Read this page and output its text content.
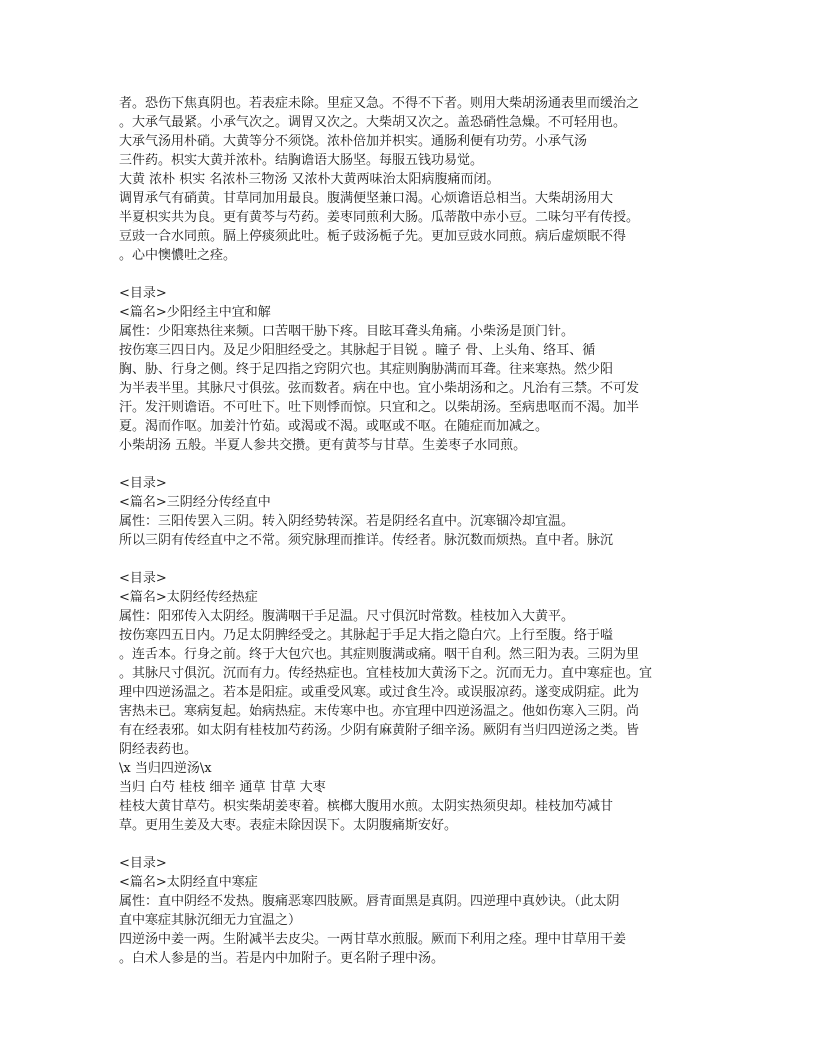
者。恐伤下焦真阴也。若表症未除。里症又急。不得不下者。则用大柴胡汤通表里而缓治之
。大承气最紧。小承气次之。调胃又次之。大柴胡又次之。盖恐硝性急燥。不可轻用也。
大承气汤用朴硝。大黄等分不须饶。浓朴倍加并枳实。通肠利便有功劳。小承气汤
三件药。枳实大黄并浓朴。结胸谵语大肠坚。每服五钱功易觉。
大黄 浓朴 枳实 名浓朴三物汤 又浓朴大黄两味治太阳病腹痛而闭。
调胃承气有硝黄。甘草同加用最良。腹满便坚兼口渴。心烦谵语总相当。大柴胡汤用大
半夏枳实共为良。更有黄芩与芍药。姜枣同煎利大肠。瓜蒂散中赤小豆。二味匀平有传授。
豆豉一合水同煎。膈上停痰须此吐。栀子豉汤栀子先。更加豆豉水同煎。病后虚烦眠不得
。心中懊憹吐之痊。
<目录>
<篇名>少阳经主中宜和解
属性：少阳寒热往来频。口苦咽干胁下疼。目眩耳聋头角痛。小柴汤是顶门针。
按伤寒三四日内。及足少阳胆经受之。其脉起于目锐 。瞳子 骨、上头角、络耳、循
胸、胁、行身之侧。终于足四指之窍阴穴也。其症则胸胁满而耳聋。往来寒热。然少阳
为半表半里。其脉尺寸俱弦。弦而数者。病在中也。宜小柴胡汤和之。凡治有三禁。不可发
汗。发汗则谵语。不可吐下。吐下则悸而惊。只宜和之。以柴胡汤。至病患呕而不渴。加半
夏。渴而作呕。加姜汁竹茹。或渴或不渴。或呕或不呕。在随症而加减之。
小柴胡汤 五般。半夏人参共交攒。更有黄芩与甘草。生姜枣子水同煎。
<目录>
<篇名>三阴经分传经直中
属性：三阳传罢入三阴。转入阴经势转深。若是阴经名直中。沉寒锢冷却宜温。
所以三阴有传经直中之不常。须究脉理而推详。传经者。脉沉数而烦热。直中者。脉沉
<目录>
<篇名>太阴经传经热症
属性：阳邪传入太阴经。腹满咽干手足温。尺寸俱沉时常数。桂枝加入大黄平。
按伤寒四五日内。乃足太阴脾经受之。其脉起于手足大指之隐白穴。上行至腹。络于嗌
。连舌本。行身之前。终于大包穴也。其症则腹满或痛。咽干自利。然三阳为表。三阴为里
。其脉尺寸俱沉。沉而有力。传经热症也。宜桂枝加大黄汤下之。沉而无力。直中寒症也。宜
理中四逆汤温之。若本是阳症。或重受风寒。或过食生冷。或误服凉药。遂变成阴症。此为
害热未已。寒病复起。始病热症。末传寒中也。亦宜理中四逆汤温之。他如伤寒入三阴。尚
有在经表邪。如太阴有桂枝加芍药汤。少阴有麻黄附子细辛汤。厥阴有当归四逆汤之类。皆
阴经表药也。
\x 当归四逆汤\x
当归 白芍 桂枝 细辛 通草 甘草 大枣
桂枝大黄甘草芍。枳实柴胡姜枣着。槟榔大腹用水煎。太阴实热须臾却。桂枝加芍减甘
草。更用生姜及大枣。表症未除因误下。太阴腹痛斯安好。
<目录>
<篇名>太阴经直中寒症
属性：直中阴经不发热。腹痛恶寒四肢厥。唇青面黑是真阴。四逆理中真妙诀。（此太阴
直中寒症其脉沉细无力宜温之）
四逆汤中姜一两。生附减半去皮尖。一两甘草水煎服。厥而下利用之痊。理中甘草用干姜
。白术人参是的当。若是内中加附子。更名附子理中汤。
